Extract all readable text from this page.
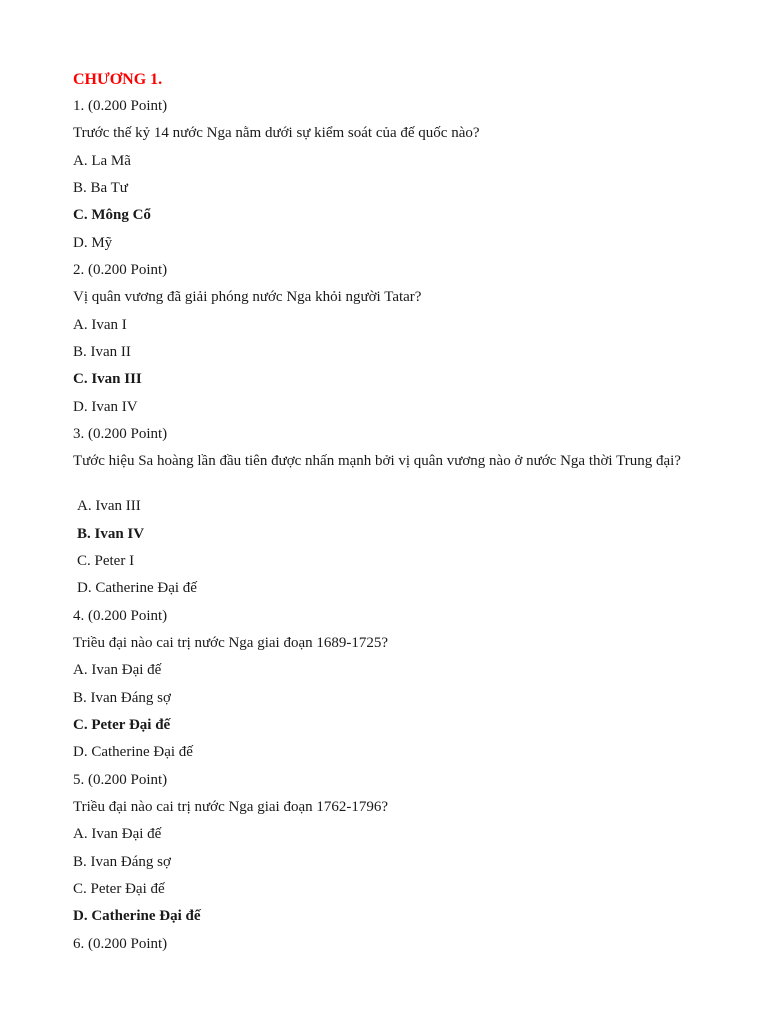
CHƯƠNG 1.
1. (0.200 Point)
Trước thế kỷ 14 nước Nga nằm dưới sự kiểm soát của đế quốc nào?
A. La Mã
B. Ba Tư
C. Mông Cổ
D. Mỹ
2. (0.200 Point)
Vị quân vương đã giải phóng nước Nga khỏi người Tatar?
A. Ivan I
B. Ivan II
C. Ivan III
D. Ivan IV
3. (0.200 Point)
Tước hiệu Sa hoàng lần đầu tiên được nhấn mạnh bởi vị quân vương nào ở nước Nga thời Trung đại?
A. Ivan III
B. Ivan IV
C. Peter I
D. Catherine Đại đế
4. (0.200 Point)
Triều đại nào cai trị nước Nga giai đoạn 1689-1725?
A. Ivan Đại đế
B. Ivan Đáng sợ
C. Peter Đại đế
D. Catherine Đại đế
5. (0.200 Point)
Triều đại nào cai trị nước Nga giai đoạn 1762-1796?
A. Ivan Đại đế
B. Ivan Đáng sợ
C. Peter Đại đế
D. Catherine Đại đế
6. (0.200 Point)
